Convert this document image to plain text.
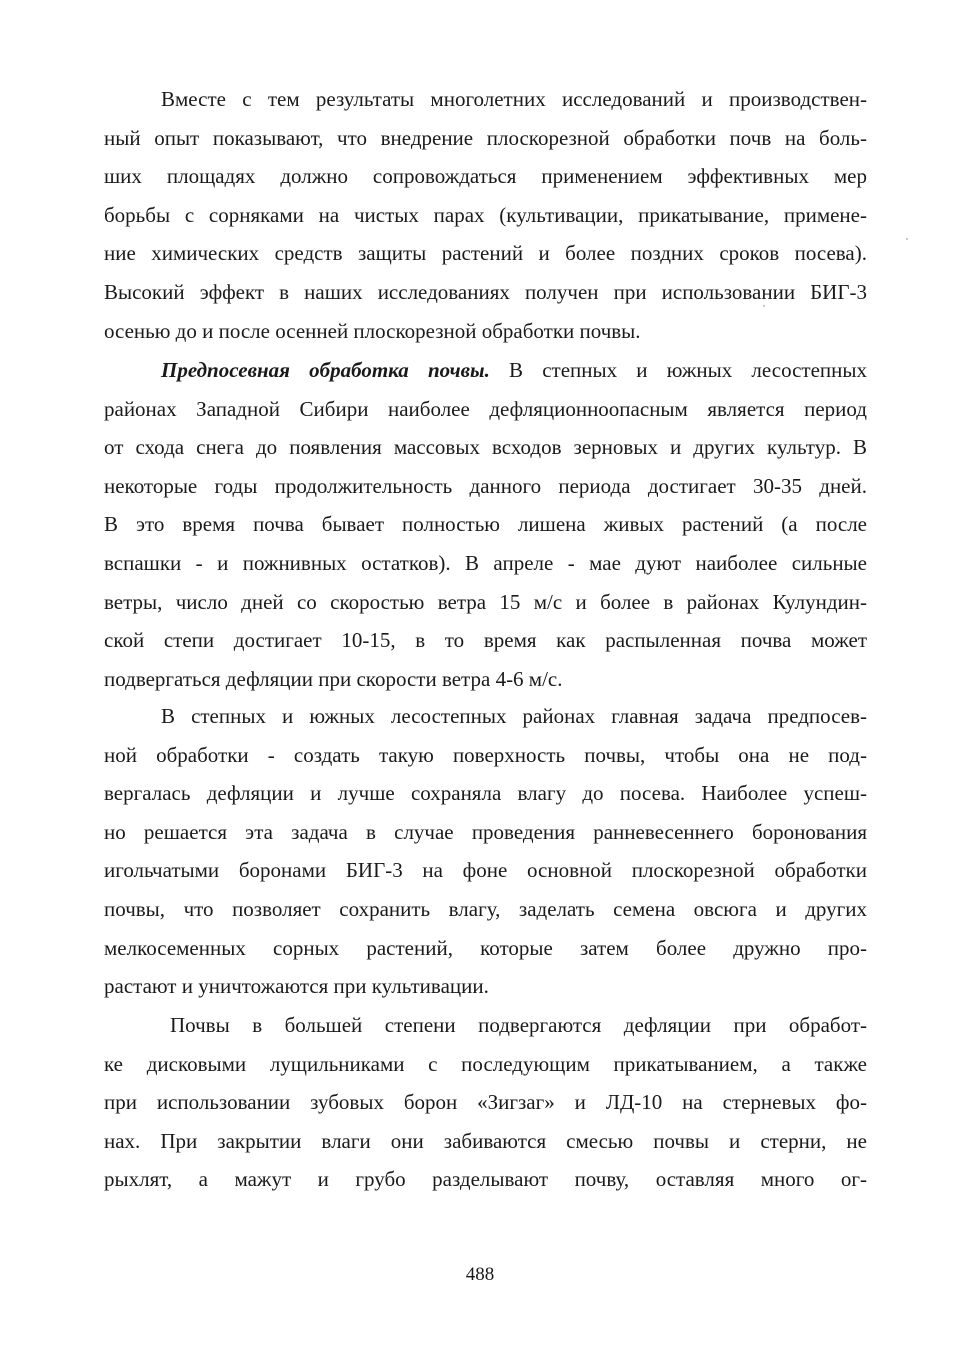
Вместе с тем результаты многолетних исследований и производствен-
ный опыт показывают, что внедрение плоскорезной обработки почв на боль-
ших площадях должно сопровождаться применением эффективных мер
борьбы с сорняками на чистых парах (культивации, прикатывание, примене-
ние химических средств защиты растений и более поздних сроков посева).
Высокий эффект в наших исследованиях получен при использовании БИГ-3
осенью до и после осенней плоскорезной обработки почвы.
Предпосевная обработка почвы. В степных и южных лесостепных
районах Западной Сибири наиболее дефляционноопасным является период
от схода снега до появления массовых всходов зерновых и других культур. В
некоторые годы продолжительность данного периода достигает 30-35 дней.
В это время почва бывает полностью лишена живых растений (а после
вспашки - и пожнивных остатков). В апреле - мае дуют наиболее сильные
ветры, число дней со скоростью ветра 15 м/с и более в районах Кулундин-
ской степи достигает 10-15, в то время как распыленная почва может
подвергаться дефляции при скорости ветра 4-6 м/с.
В степных и южных лесостепных районах главная задача предпосев-
ной обработки - создать такую поверхность почвы, чтобы она не под-
вергалась дефляции и лучше сохраняла влагу до посева. Наиболее успеш-
но решается эта задача в случае проведения ранневесеннего боронования
игольчатыми боронами БИГ-3 на фоне основной плоскорезной обработки
почвы, что позволяет сохранить влагу, заделать семена овсюга и других
мелкосеменных сорных растений, которые затем более дружно про-
растают и уничтожаются при культивации.
Почвы в большей степени подвергаются дефляции при обработ-
ке дисковыми лущильниками с последующим прикатыванием, а также
при использовании зубовых борон «Зигзаг» и ЛД-10 на стерневых фо-
нах. При закрытии влаги они забиваются смесью почвы и стерни, не
рыхлят, а мажут и грубо разделывают почву, оставляя много ог-
488
